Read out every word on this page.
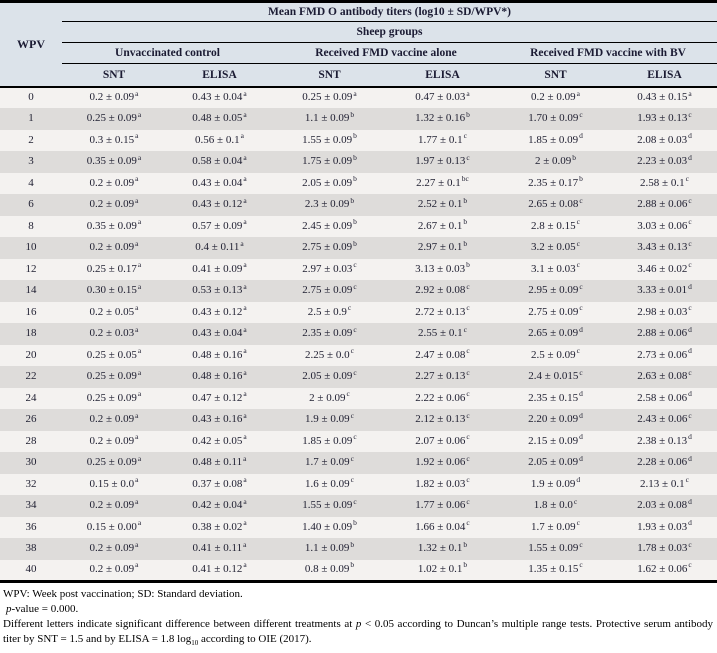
WPV	Mean FMD O antibody titers (log10 ± SD/WPV*)					
	Sheep groups					
	Unvaccinated control		Received FMD vaccine alone		Received FMD vaccine with BV	
	SNT	ELISA	SNT	ELISA	SNT	ELISA
0	0.2 ± 0.09$^a$	0.43 ± 0.04$^a$	0.25 ± 0.09$^a$	0.47 ± 0.03$^a$	0.2 ± 0.09$^a$	0.43 ± 0.15$^a$
1	0.25 ± 0.09$^a$	0.48 ± 0.05$^a$	1.1 ± 0.09$^b$	1.32 ± 0.16$^b$	1.70 ± 0.09$^c$	1.93 ± 0.13$^c$
2	0.3 ± 0.15$^a$	0.56 ± 0.1$^a$	1.55 ± 0.09$^b$	1.77 ± 0.1$^c$	1.85 ± 0.09$^d$	2.08 ± 0.03$^d$
3	0.35 ± 0.09$^a$	0.58 ± 0.04$^a$	1.75 ± 0.09$^b$	1.97 ± 0.13$^c$	2 ± 0.09$^b$	2.23 ± 0.03$^d$
4	0.2 ± 0.09$^a$	0.43 ± 0.04$^a$	2.05 ± 0.09$^b$	2.27 ± 0.1$^{bc}$	2.35 ± 0.17$^b$	2.58 ± 0.1$^c$
6	0.2 ± 0.09$^a$	0.43 ± 0.12$^a$	2.3 ± 0.09$^b$	2.52 ± 0.1$^b$	2.65 ± 0.08$^c$	2.88 ± 0.06$^c$
8	0.35 ± 0.09$^a$	0.57 ± 0.09$^a$	2.45 ± 0.09$^b$	2.67 ± 0.1$^b$	2.8 ± 0.15$^c$	3.03 ± 0.06$^c$
10	0.2 ± 0.09$^a$	0.4 ± 0.11$^a$	2.75 ± 0.09$^b$	2.97 ± 0.1$^b$	3.2 ± 0.05$^c$	3.43 ± 0.13$^c$
12	0.25 ± 0.17$^a$	0.41 ± 0.09$^a$	2.97 ± 0.03$^c$	3.13 ± 0.03$^b$	3.1 ± 0.03$^c$	3.46 ± 0.02$^c$
14	0.30 ± 0.15$^a$	0.53 ± 0.13$^a$	2.75 ± 0.09$^c$	2.92 ± 0.08$^c$	2.95 ± 0.09$^c$	3.33 ± 0.01$^d$
16	0.2 ± 0.05$^a$	0.43 ± 0.12$^a$	2.5 ± 0.9$^c$	2.72 ± 0.13$^c$	2.75 ± 0.09$^c$	2.98 ± 0.03$^c$
18	0.2 ± 0.03$^a$	0.43 ± 0.04$^a$	2.35 ± 0.09$^c$	2.55 ± 0.1$^c$	2.65 ± 0.09$^d$	2.88 ± 0.06$^d$
20	0.25 ± 0.05$^a$	0.48 ± 0.16$^a$	2.25 ± 0.0$^c$	2.47 ± 0.08$^c$	2.5 ± 0.09$^c$	2.73 ± 0.06$^d$
22	0.25 ± 0.09$^a$	0.48 ± 0.16$^a$	2.05 ± 0.09$^c$	2.27 ± 0.13$^c$	2.4 ± 0.015$^c$	2.63 ± 0.08$^c$
24	0.25 ± 0.09$^a$	0.47 ± 0.12$^a$	2 ± 0.09$^c$	2.22 ± 0.06$^c$	2.35 ± 0.15$^d$	2.58 ± 0.06$^d$
26	0.2 ± 0.09$^a$	0.43 ± 0.16$^a$	1.9 ± 0.09$^c$	2.12 ± 0.13$^c$	2.20 ± 0.09$^d$	2.43 ± 0.06$^c$
28	0.2 ± 0.09$^a$	0.42 ± 0.05$^a$	1.85 ± 0.09$^c$	2.07 ± 0.06$^c$	2.15 ± 0.09$^d$	2.38 ± 0.13$^d$
30	0.25 ± 0.09$^a$	0.48 ± 0.11$^a$	1.7 ± 0.09$^c$	1.92 ± 0.06$^c$	2.05 ± 0.09$^d$	2.28 ± 0.06$^d$
32	0.15 ± 0.0$^a$	0.37 ± 0.08$^a$	1.6 ± 0.09$^c$	1.82 ± 0.03$^c$	1.9 ± 0.09$^d$	2.13 ± 0.1$^c$
34	0.2 ± 0.09$^a$	0.42 ± 0.04$^a$	1.55 ± 0.09$^c$	1.77 ± 0.06$^c$	1.8 ± 0.0$^c$	2.03 ± 0.08$^d$
36	0.15 ± 0.00$^a$	0.38 ± 0.02$^a$	1.40 ± 0.09$^b$	1.66 ± 0.04$^c$	1.7 ± 0.09$^c$	1.93 ± 0.03$^d$
38	0.2 ± 0.09$^a$	0.41 ± 0.11$^a$	1.1 ± 0.09$^b$	1.32 ± 0.1$^b$	1.55 ± 0.09$^c$	1.78 ± 0.03$^c$
40	0.2 ± 0.09$^a$	0.41 ± 0.12$^a$	0.8 ± 0.09$^b$	1.02 ± 0.1$^b$	1.35 ± 0.15$^c$	1.62 ± 0.06$^c$

WPV: Week post vaccination; SD: Standard deviation.

p-value = 0.000.

Different letters indicate significant difference between different treatments at p < 0.05 according to Duncan’s multiple range tests. Protective serum antibody titer by SNT = 1.5 and by ELISA = 1.8 $\log_{10}$ according to OIE (2017).
